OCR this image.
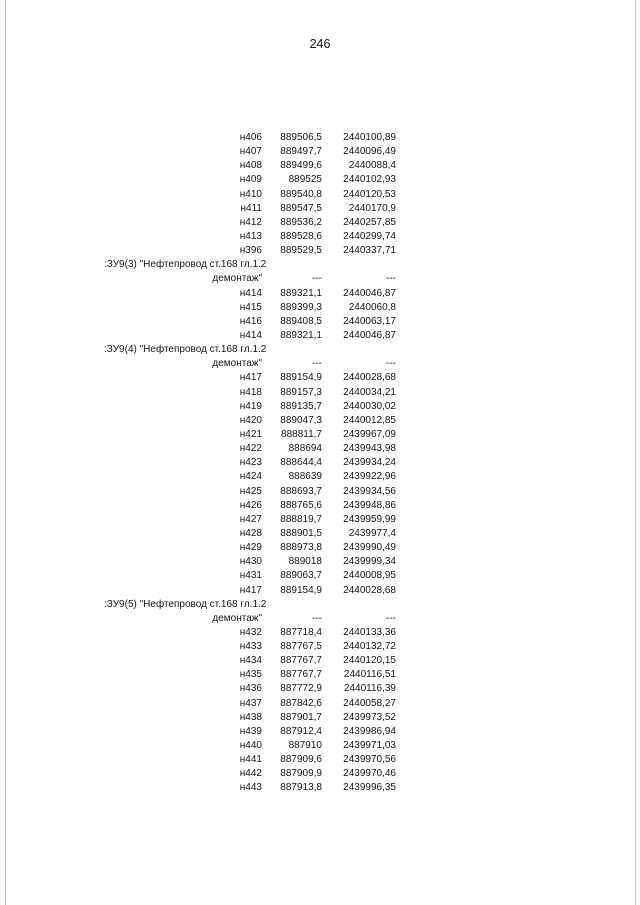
246
н406	889506,5	2440100,89
н407	889497,7	2440096,49
н408	889499,6	2440088,4
н409	889525	2440102,93
н410	889540,8	2440120,53
н411	889547,5	2440170,9
н412	889536,2	2440257,85
н413	889528,6	2440299,74
н396	889529,5	2440337,71
:ЗУ9(3) "Нефтепровод ст.168 гл.1.2
демонтаж"	---	---
н414	889321,1	2440046,87
н415	889399,3	2440060,8
н416	889408,5	2440063,17
н414	889321,1	2440046,87
:ЗУ9(4) "Нефтепровод ст.168 гл.1.2
демонтаж"	---	---
н417	889154,9	2440028,68
н418	889157,3	2440034,21
н419	889135,7	2440030,02
н420	889047,3	2440012,85
н421	888811,7	2439967,09
н422	888694	2439943,98
н423	888644,4	2439934,24
н424	888639	2439922,96
н425	888693,7	2439934,56
н426	888765,6	2439948,86
н427	888819,7	2439959,99
н428	888901,5	2439977,4
н429	888973,8	2439990,49
н430	889018	2439999,34
н431	889063,7	2440008,95
н417	889154,9	2440028,68
:ЗУ9(5) "Нефтепровод ст.168 гл.1.2
демонтаж"	---	---
н432	887718,4	2440133,36
н433	887767,5	2440132,72
н434	887767,7	2440120,15
н435	887767,7	2440116,51
н436	887772,9	2440116,39
н437	887842,6	2440058,27
н438	887901,7	2439973,52
н439	887912,4	2439986,94
н440	887910	2439971,03
н441	887909,6	2439970,56
н442	887909,9	2439970,46
н443	887913,8	2439996,35
